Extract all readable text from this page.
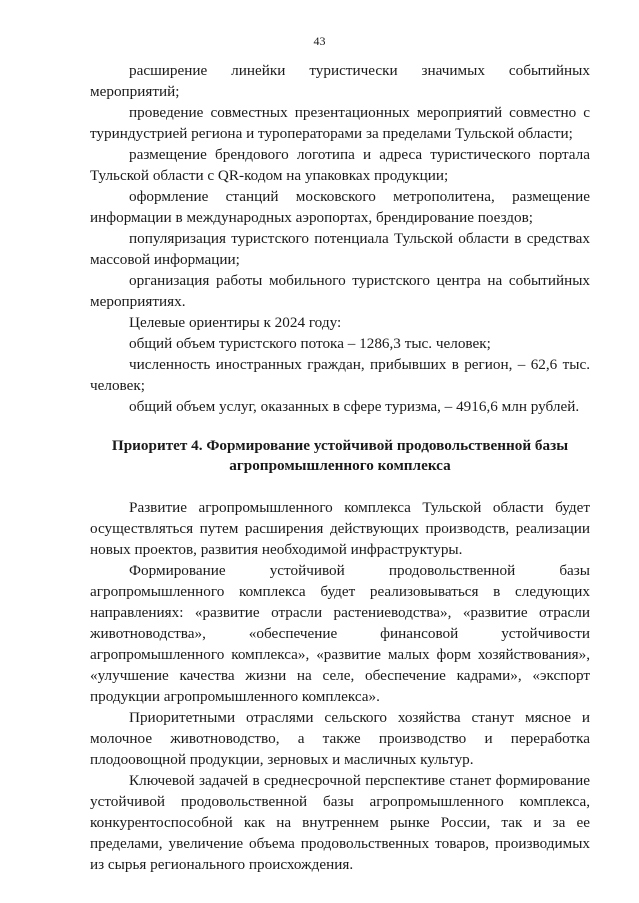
43

расширение линейки туристически значимых событийных мероприятий;

проведение совместных презентационных мероприятий совместно с туриндустрией региона и туроператорами за пределами Тульской области;

размещение брендового логотипа и адреса туристического портала Тульской области с QR-кодом на упаковках продукции;

оформление станций московского метрополитена, размещение информации в международных аэропортах, брендирование поездов;

популяризация туристского потенциала Тульской области в средствах массовой информации;

организация работы мобильного туристского центра на событийных мероприятиях.

Целевые ориентиры к 2024 году:

общий объем туристского потока – 1286,3 тыс. человек;

численность иностранных граждан, прибывших в регион, – 62,6 тыс. человек;

общий объем услуг, оказанных в сфере туризма, – 4916,6 млн рублей.

Приоритет 4. Формирование устойчивой продовольственной базы
агропромышленного комплекса

Развитие агропромышленного комплекса Тульской области будет осуществляться путем расширения действующих производств, реализации новых проектов, развития необходимой инфраструктуры.

Формирование устойчивой продовольственной базы агропромышленного комплекса будет реализовываться в следующих направлениях: «развитие отрасли растениеводства», «развитие отрасли животноводства», «обеспечение финансовой устойчивости агропромышленного комплекса», «развитие малых форм хозяйствования», «улучшение качества жизни на селе, обеспечение кадрами», «экспорт продукции агропромышленного комплекса».

Приоритетными отраслями сельского хозяйства станут мясное и молочное животноводство, а также производство и переработка плодоовощной продукции, зерновых и масличных культур.

Ключевой задачей в среднесрочной перспективе станет формирование устойчивой продовольственной базы агропромышленного комплекса, конкурентоспособной как на внутреннем рынке России, так и за ее пределами, увеличение объема продовольственных товаров, производимых из сырья регионального происхождения.
